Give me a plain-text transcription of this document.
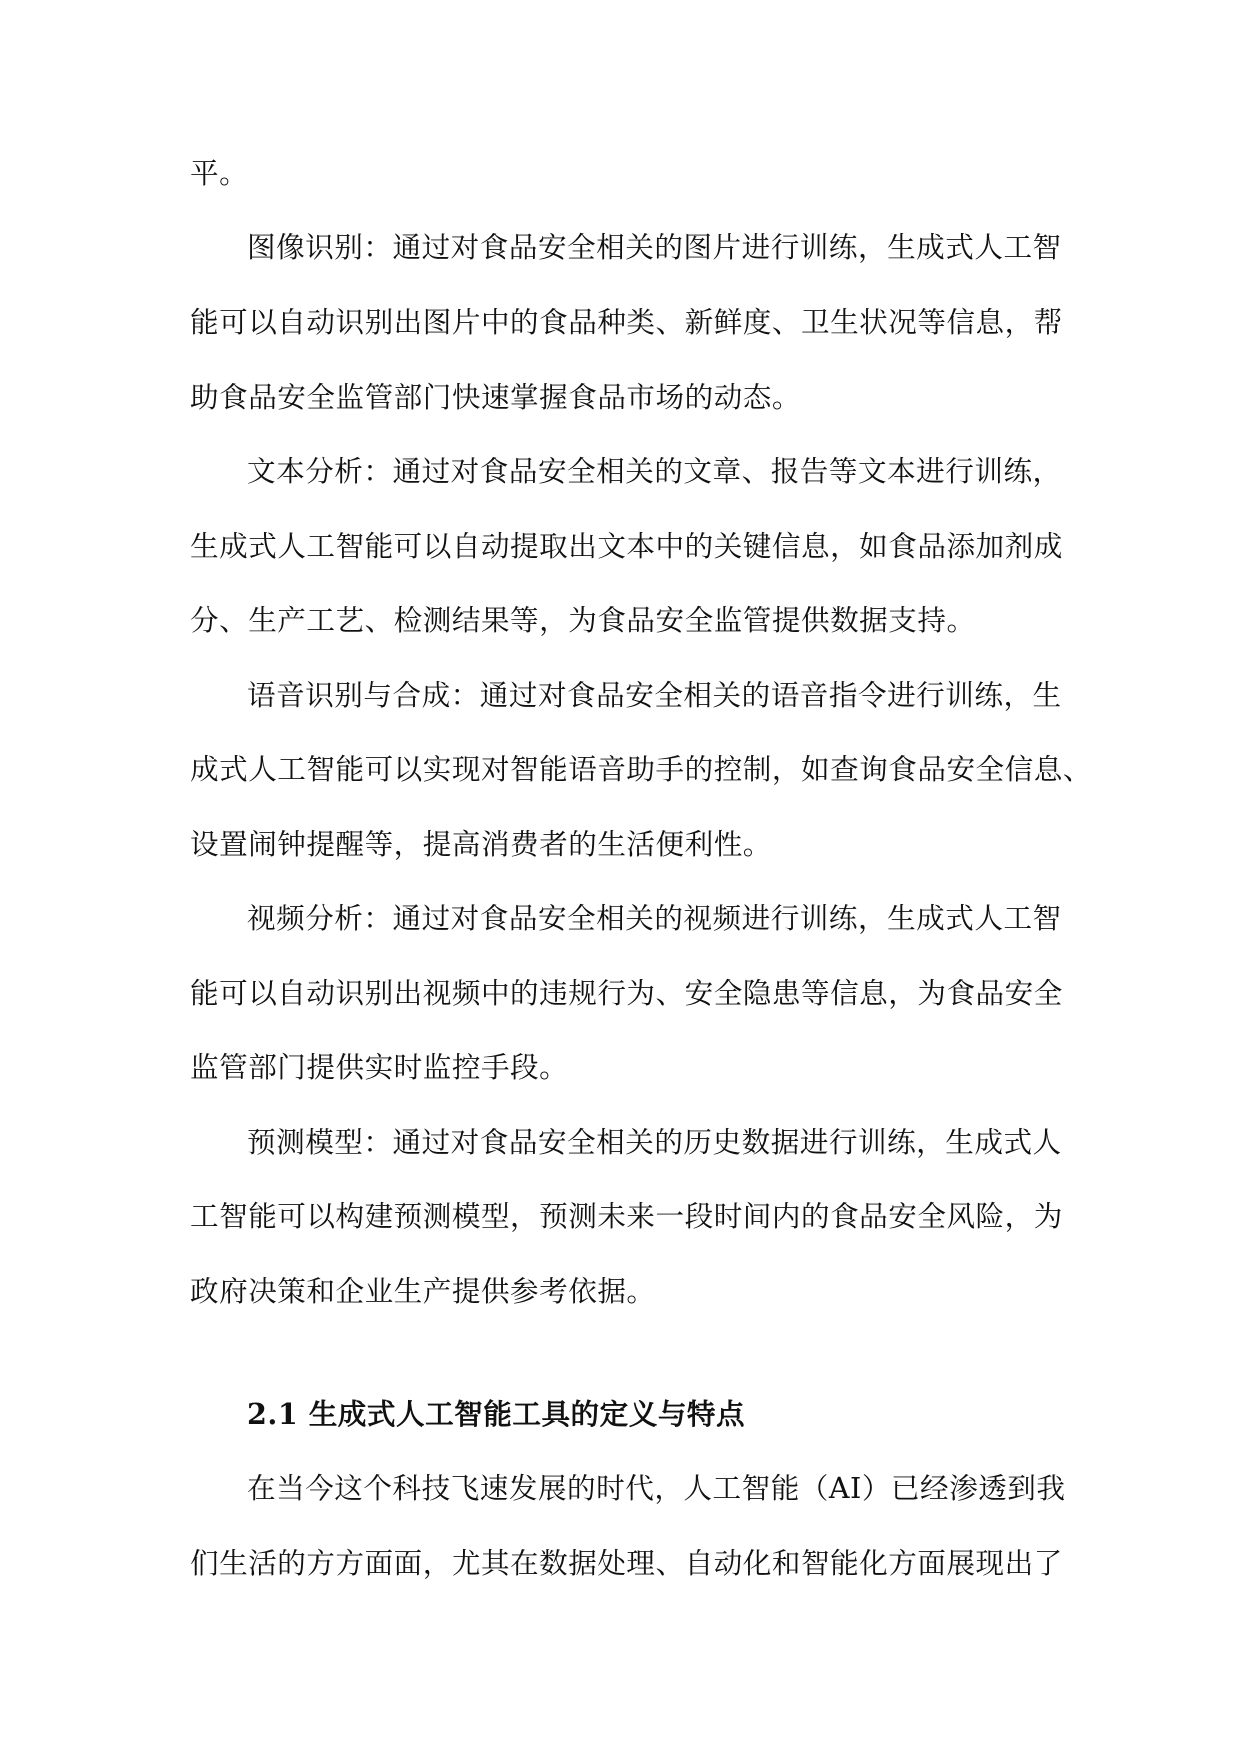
平。
图像识别：通过对食品安全相关的图片进行训练，生成式人工智
能可以自动识别出图片中的食品种类、新鲜度、卫生状况等信息，帮
助食品安全监管部门快速掌握食品市场的动态。
文本分析：通过对食品安全相关的文章、报告等文本进行训练，
生成式人工智能可以自动提取出文本中的关键信息，如食品添加剂成
分、生产工艺、检测结果等，为食品安全监管提供数据支持。
语音识别与合成：通过对食品安全相关的语音指令进行训练，生
成式人工智能可以实现对智能语音助手的控制，如查询食品安全信息、
设置闹钟提醒等，提高消费者的生活便利性。
视频分析：通过对食品安全相关的视频进行训练，生成式人工智
能可以自动识别出视频中的违规行为、安全隐患等信息，为食品安全
监管部门提供实时监控手段。
预测模型：通过对食品安全相关的历史数据进行训练，生成式人
工智能可以构建预测模型，预测未来一段时间内的食品安全风险，为
政府决策和企业生产提供参考依据。
2.1 生成式人工智能工具的定义与特点
在当今这个科技飞速发展的时代，人工智能（AI）已经渗透到我
们生活的方方面面，尤其在数据处理、自动化和智能化方面展现出了
